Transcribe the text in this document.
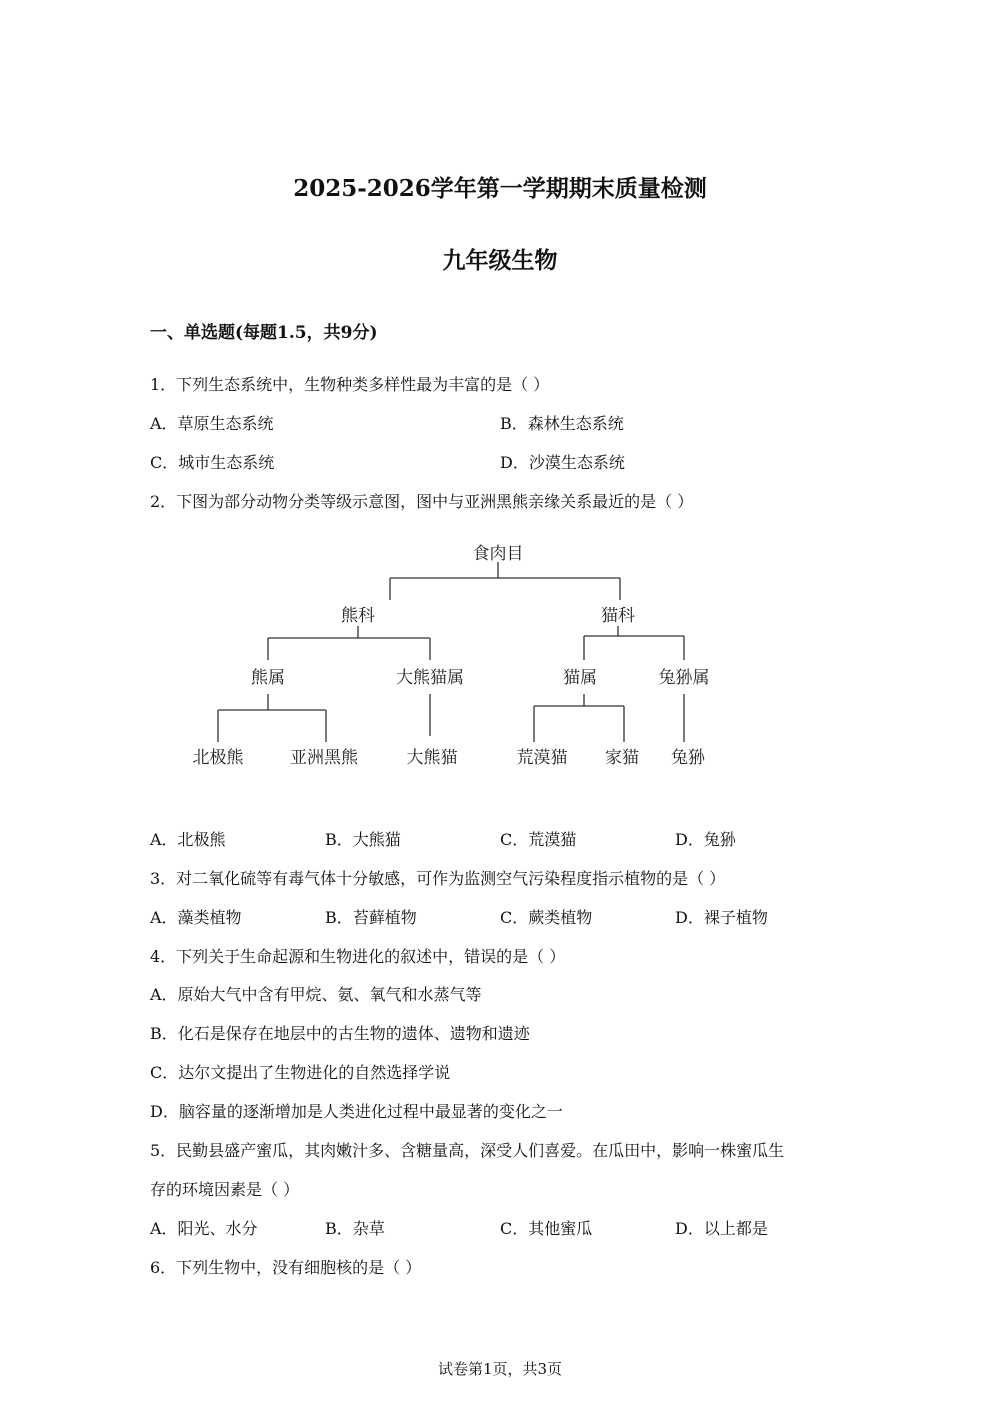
2025-2026学年第一学期期末质量检测
九年级生物
一、单选题(每题1.5，共9分)
1．下列生态系统中，生物种类多样性最为丰富的是（ ）
A．草原生态系统	B．森林生态系统
C．城市生态系统	D．沙漠生态系统
2．下图为部分动物分类等级示意图，图中与亚洲黑熊亲缘关系最近的是（ ）
食肉目
熊科	猫科
熊属	大熊猫属	猫属	兔狲属
北极熊	亚洲黑熊	大熊猫	荒漠猫 家猫 兔狲
A．北极熊	B．大熊猫	C．荒漠猫	D．兔狲
3．对二氧化硫等有毒气体十分敏感，可作为监测空气污染程度指示植物的是（ ）
A．藻类植物	B．苔藓植物	C．蕨类植物	D．裸子植物
4．下列关于生命起源和生物进化的叙述中，错误的是（ ）
A．原始大气中含有甲烷、氨、氧气和水蒸气等
B．化石是保存在地层中的古生物的遗体、遗物和遗迹
C．达尔文提出了生物进化的自然选择学说
D．脑容量的逐渐增加是人类进化过程中最显著的变化之一
5．民勤县盛产蜜瓜，其肉嫩汁多、含糖量高，深受人们喜爱。在瓜田中，影响一株蜜瓜生
存的环境因素是（ ）
A．阳光、水分	B．杂草	C．其他蜜瓜	D．以上都是
6．下列生物中，没有细胞核的是（ ）
试卷第1页，共3页
